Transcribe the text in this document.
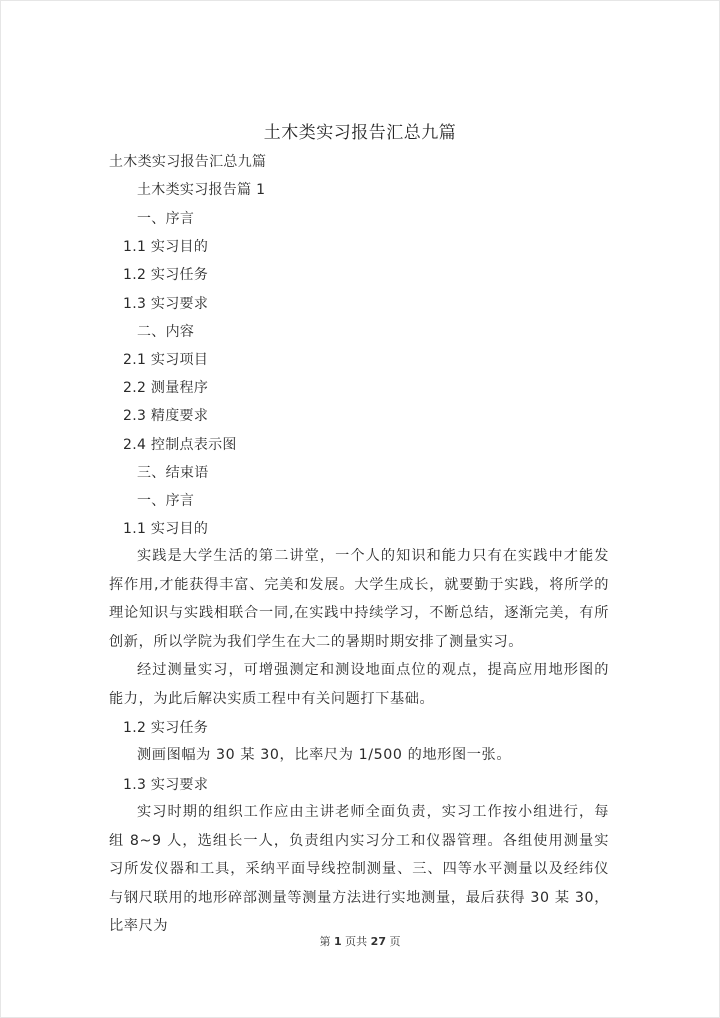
土木类实习报告汇总九篇
土木类实习报告汇总九篇
土木类实习报告篇 1
一、序言
1.1 实习目的
1.2 实习任务
1.3 实习要求
二、内容
2.1 实习项目
2.2 测量程序
2.3 精度要求
2.4 控制点表示图
三、结束语
一、序言
1.1 实习目的
实践是大学生活的第二讲堂，一个人的知识和能力只有在实践中才能发挥作用,才能获得丰富、完美和发展。大学生成长，就要勤于实践，将所学的理论知识与实践相联合一同,在实践中持续学习，不断总结，逐渐完美，有所创新，所以学院为我们学生在大二的暑期时期安排了测量实习。
经过测量实习，可增强测定和测设地面点位的观点，提高应用地形图的能力，为此后解决实质工程中有关问题打下基础。
1.2 实习任务
测画图幅为 30 某 30，比率尺为 1/500 的地形图一张。
1.3 实习要求
实习时期的组织工作应由主讲老师全面负责，实习工作按小组进行，每组 8~9 人，选组长一人，负责组内实习分工和仪器管理。各组使用测量实习所发仪器和工具，采纳平面导线控制测量、三、四等水平测量以及经纬仪与钢尺联用的地形碎部测量等测量方法进行实地测量，最后获得 30 某 30，比率尺为
第 1 页共 27 页
